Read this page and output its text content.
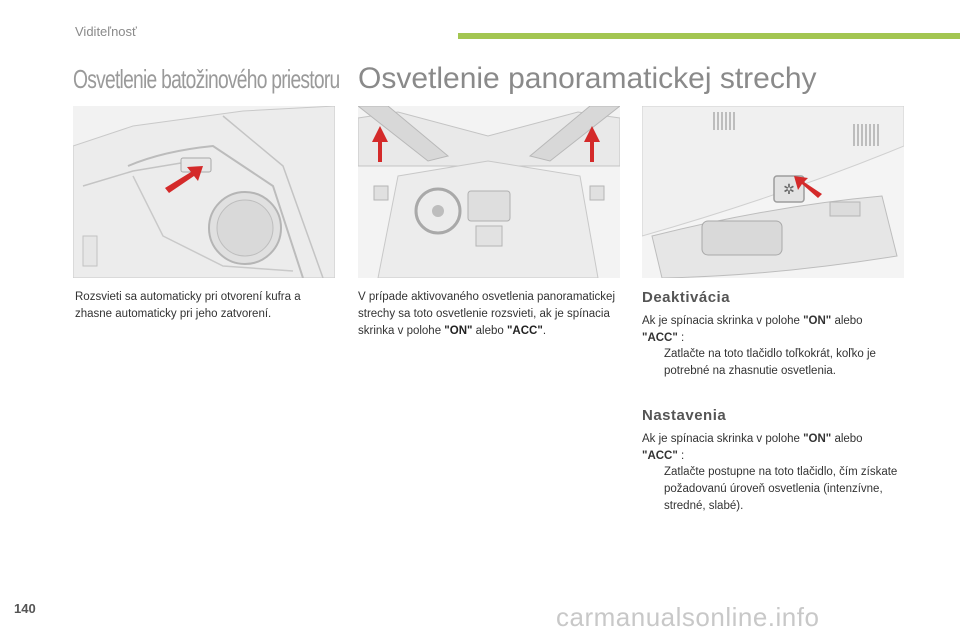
Viditeľnosť
Osvetlenie batožinového priestoru Osvetlenie panoramatickej strechy
✲
Rozsvieti sa automaticky pri otvorení kufra a zhasne automaticky pri jeho zatvorení.
V prípade aktivovaného osvetlenia panoramatickej strechy sa toto osvetlenie rozsvieti, ak je spínacia skrinka v polohe "ON" alebo "ACC".
Deaktivácia
Ak je spínacia skrinka v polohe "ON" alebo
"ACC" :
Zatlačte na toto tlačidlo toľkokrát, koľko je potrebné na zhasnutie osvetlenia.
Nastavenia
Ak je spínacia skrinka v polohe "ON" alebo
"ACC" :
Zatlačte postupne na toto tlačidlo, čím získate požadovanú úroveň osvetlenia (intenzívne, stredné, slabé).
140	carmanualsonline.info
